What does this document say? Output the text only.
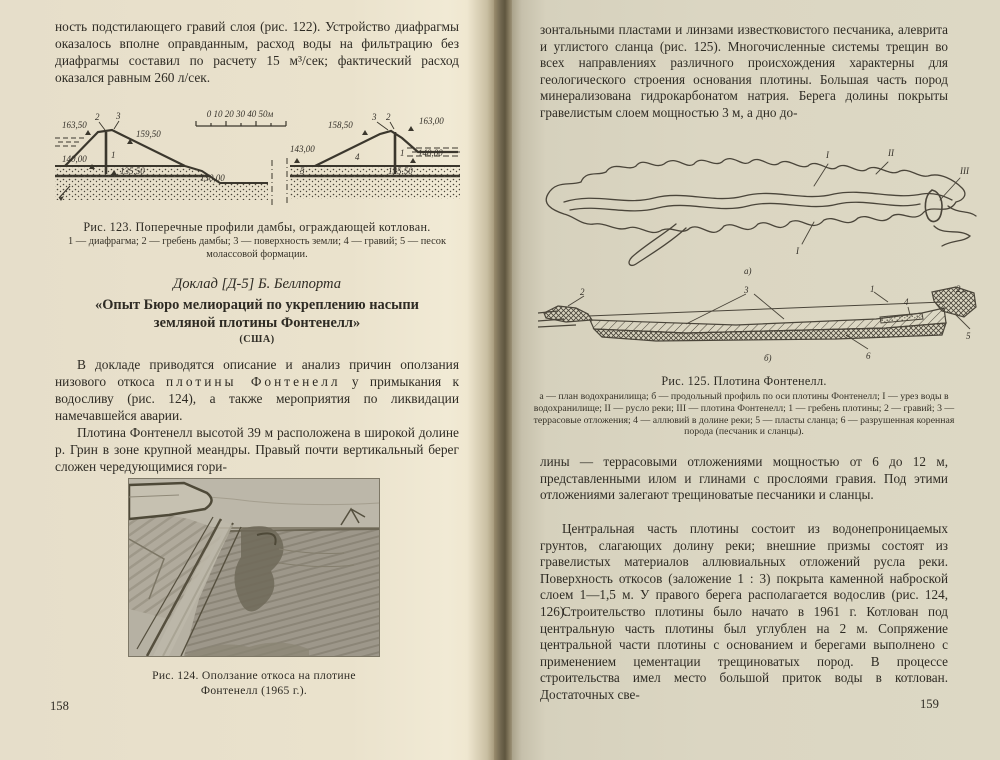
ность подстилающего гравий слоя (рис. 122). Устройство диафрагмы оказалось вполне оправданным, расход воды на фильтрацию без диафрагмы составил по расчету 15 м³/сек; фактический расход оказался равным 260 л/сек.
0 10 20 30 40 50м
163,50
2 3
159,50
140,00	1
135,50
130,00
158,50
3 2	163,00
143,00
4	1 140,00
5	135,50
Рис. 123. Поперечные профили дамбы, ограждающей котлован.
1 — диафрагма; 2 — гребень дамбы; 3 — поверхность земли; 4 — гравий; 5 — песок молассовой формации.
Доклад [Д-5] Б. Беллпорта
«Опыт Бюро мелиораций по укреплению насыпи
земляной плотины Фонтенелл»
(США)
В докладе приводятся описание и анализ причин оползания низового откоса плотины Фонтенелл у примыкания к водосливу (рис. 124), а также мероприятия по ликвидации намечавшейся аварии.
Плотина Фонтенелл высотой 39 м расположена в широкой долине р. Грин в зоне крупной меандры. Правый почти вертикальный берег сложен чередующимися гори-
Рис. 124. Оползание откоса на плотине
Фонтенелл (1965 г.).
158
зонтальными пластами и линзами известковистого песчаника, алеврита и углистого сланца (рис. 125). Многочисленные системы трещин во всех направлениях различного происхождения характерны для геологического строения основания плотины. Большая часть пород минерализована гидрокарбонатом натрия. Берега долины покрыты гравелистым слоем мощностью 3 м, а дно до-
I	II
III
I
а)
2	3	1	2
4
5
6
б)
Рис. 125. Плотина Фонтенелл.
а — план водохранилища; б — продольный профиль по оси плотины Фонтенелл; I — урез воды в водохранилище; II — русло реки; III — плотина Фонтенелл; 1 — гребень плотины; 2 — гравий; 3 — террасовые отложения; 4 — аллювий в долине реки; 5 — пласты сланца; 6 — разрушенная коренная порода (песчаник и сланцы).
лины — террасовыми отложениями мощностью от 6 до 12 м, представленными илом и глинами с прослоями гравия. Под этими отложениями залегают трещиноватые песчаники и сланцы.
Центральная часть плотины состоит из водонепроницаемых грунтов, слагающих долину реки; внешние призмы состоят из гравелистых материалов аллювиальных отложений русла реки. Поверхность откосов (заложение 1 : 3) покрыта каменной наброской слоем 1—1,5 м. У правого берега располагается водослив (рис. 124, 126).
Строительство плотины было начато в 1961 г. Котлован под центральную часть плотины был углублен на 2 м. Сопряжение центральной части плотины с основанием и берегами выполнено с применением цементации трещиноватых пород. В процессе строительства имел место большой приток воды в котлован. Достаточных све-
159
